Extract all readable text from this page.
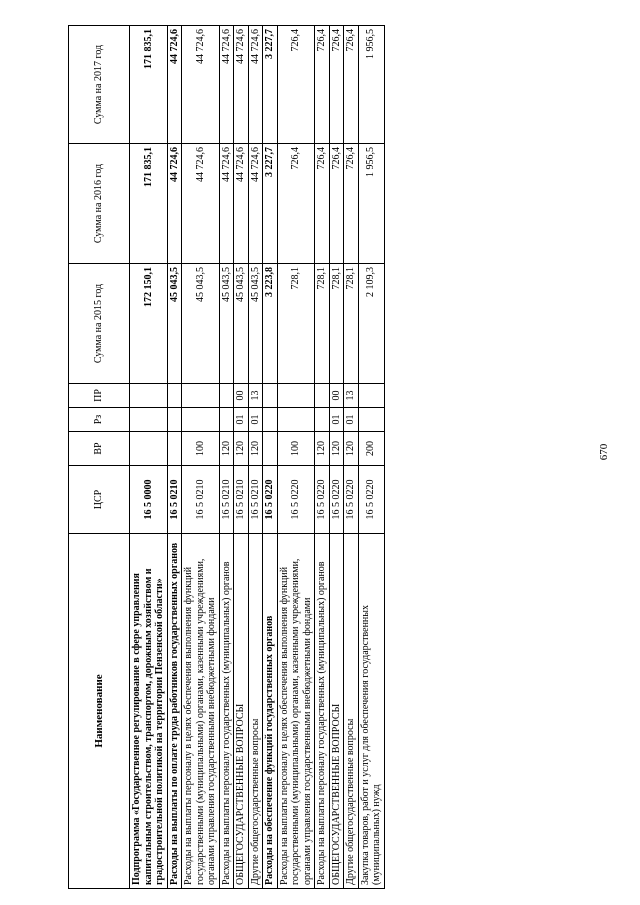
670
Наименование	ЦСР	ВР	Рз	ПР	Сумма на 2015 год	Сумма на 2016 год	Сумма на 2017 год
Подпрограмма «Государственное регулирование в сфере управления капитальным строительством, транспортом, дорожным хозяйством и градостроительной политикой на территории Пензенской области»	16 5 0000				172 150,1	171 835,1	171 835,1
Расходы на выплаты по оплате труда работников государственных органов	16 5 0210				45 043,5	44 724,6	44 724,6
Расходы на выплаты персоналу в целях обеспечения выполнения функций государственными (муниципальными) органами, казенными учреждениями, органами управления государственными внебюджетными фондами	16 5 0210	100			45 043,5	44 724,6	44 724,6
Расходы на выплаты персоналу государственных (муниципальных) органов	16 5 0210	120			45 043,5	44 724,6	44 724,6
ОБЩЕГОСУДАРСТВЕННЫЕ ВОПРОСЫ	16 5 0210	120	01	00	45 043,5	44 724,6	44 724,6
Другие общегосударственные вопросы	16 5 0210	120	01	13	45 043,5	44 724,6	44 724,6
Расходы на обеспечение функций государственных органов	16 5 0220				3 223,8	3 227,7	3 227,7
Расходы на выплаты персоналу в целях обеспечения выполнения функций государственными (муниципальными) органами, казенными учреждениями, органами управления государственными внебюджетными фондами	16 5 0220	100			728,1	726,4	726,4
Расходы на выплаты персоналу государственных (муниципальных) органов	16 5 0220	120			728,1	726,4	726,4
ОБЩЕГОСУДАРСТВЕННЫЕ ВОПРОСЫ	16 5 0220	120	01	00	728,1	726,4	726,4
Другие общегосударственные вопросы	16 5 0220	120	01	13	728,1	726,4	726,4
Закупка товаров, работ и услуг для обеспечения государственных (муниципальных) нужд	16 5 0220	200			2 109,3	1 956,5	1 956,5
